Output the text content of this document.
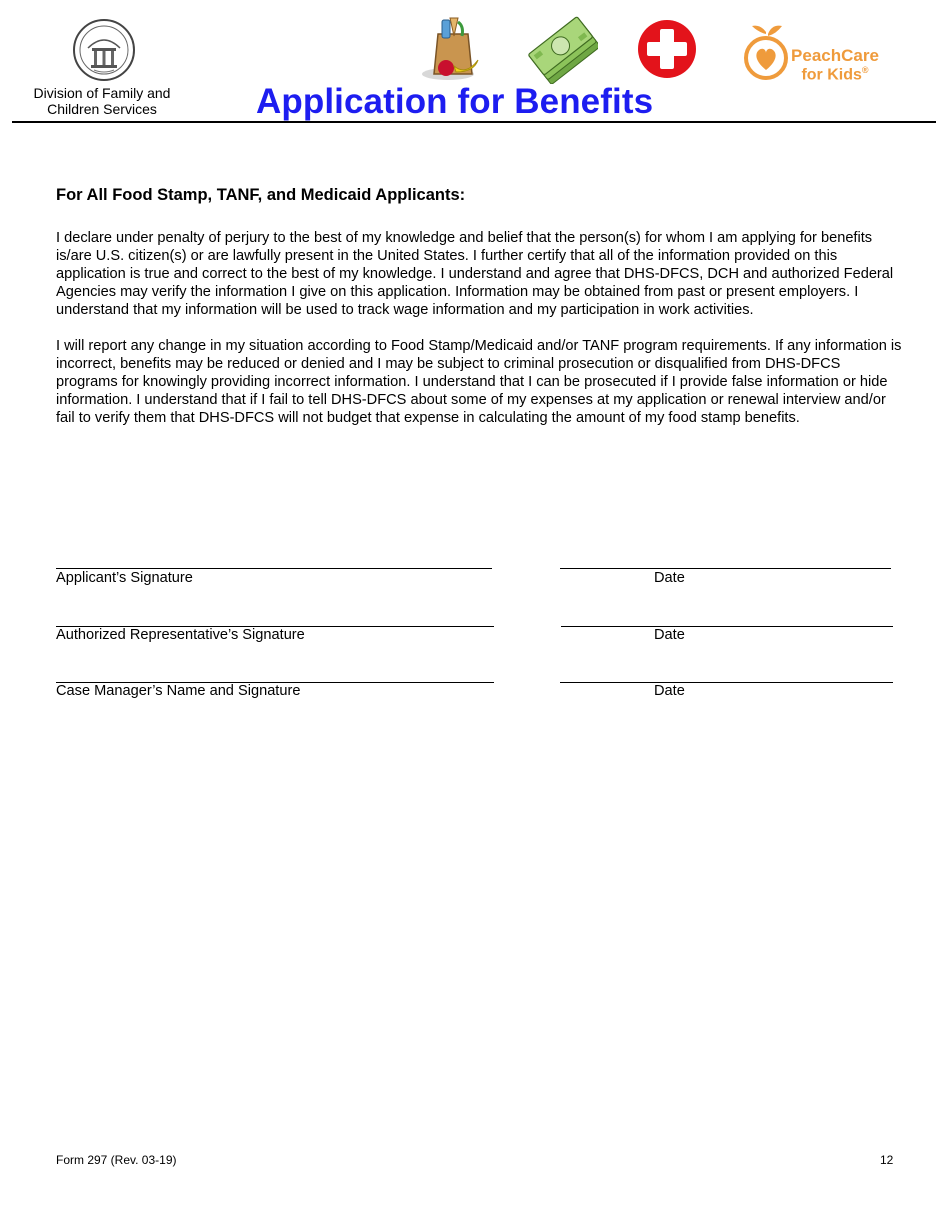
Division of Family and
Children Services
PeachCare
for Kids®
Application for Benefits
For All Food Stamp, TANF, and Medicaid Applicants:
I declare under penalty of perjury to the best of my knowledge and belief that the person(s) for whom I am applying for benefits is/are U.S. citizen(s) or are lawfully present in the United States. I further certify that all of the information provided on this application is true and correct to the best of my knowledge. I understand and agree that DHS-DFCS, DCH and authorized Federal Agencies may verify the information I give on this application. Information may be obtained from past or present employers. I understand that my information will be used to track wage information and my participation in work activities.
I will report any change in my situation according to Food Stamp/Medicaid and/or TANF program requirements. If any information is incorrect, benefits may be reduced or denied and I may be subject to criminal prosecution or disqualified from DHS-DFCS programs for knowingly providing incorrect information. I understand that I can be prosecuted if I provide false information or hide information. I understand that if I fail to tell DHS-DFCS about some of my expenses at my application or renewal interview and/or fail to verify them that DHS-DFCS will not budget that expense in calculating the amount of my food stamp benefits.
Applicant’s Signature	Date
Authorized Representative’s Signature	Date
Case Manager’s Name and Signature	Date
Form 297 (Rev. 03-19)	12
